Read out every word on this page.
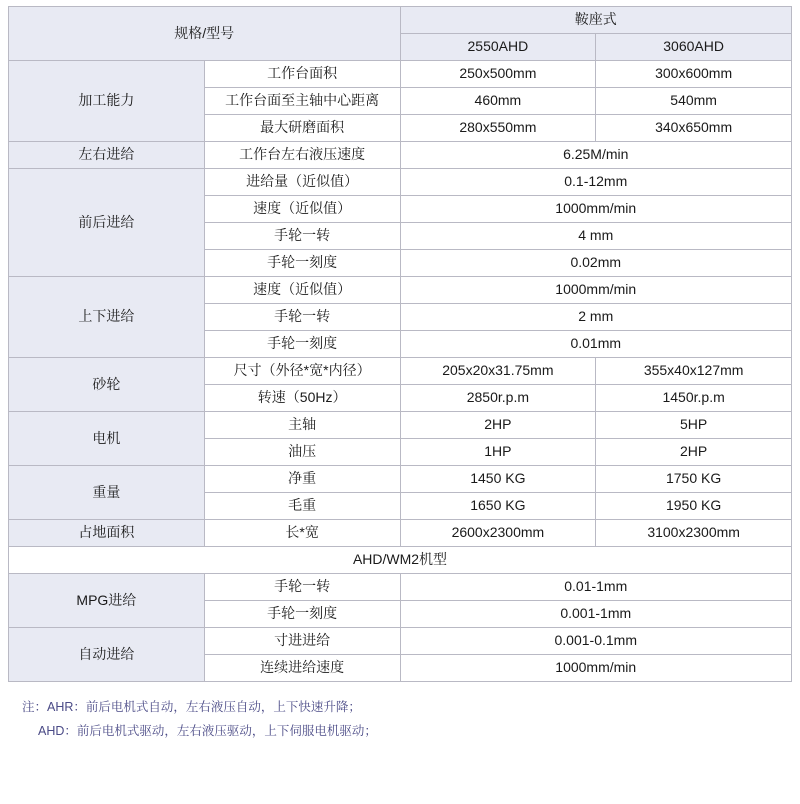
规格/型号		鞍座式	
		2550AHD	3060AHD
加工能力	工作台面积	250x500mm	300x600mm
	工作台面至主轴中心距离	460mm	540mm
	最大研磨面积	280x550mm	340x650mm
左右进给	工作台左右液压速度	6.25M/min	
前后进给	进给量（近似值）	0.1-12mm	
	速度（近似值）	1000mm/min	
	手轮一转	4 mm	
	手轮一刻度	0.02mm	
上下进给	速度（近似值）	1000mm/min	
	手轮一转	2 mm	
	手轮一刻度	0.01mm	
砂轮	尺寸（外径*宽*内径）	205x20x31.75mm	355x40x127mm
	转速（50Hz）	2850r.p.m	1450r.p.m
电机	主轴	2HP	5HP
	油压	1HP	2HP
重量	净重	1450 KG	1750 KG
	毛重	1650 KG	1950 KG
占地面积	长*宽	2600x2300mm	3100x2300mm
AHD/WM2机型			
MPG进给	手轮一转	0.01-1mm	
	手轮一刻度	0.001-1mm	
自动进给	寸进进给	0.001-0.1mm	
	连续进给速度	1000mm/min	
注：AHR：前后电机式自动，左右液压自动，上下快速升降；
AHD：前后电机式驱动，左右液压驱动，上下伺服电机驱动；
